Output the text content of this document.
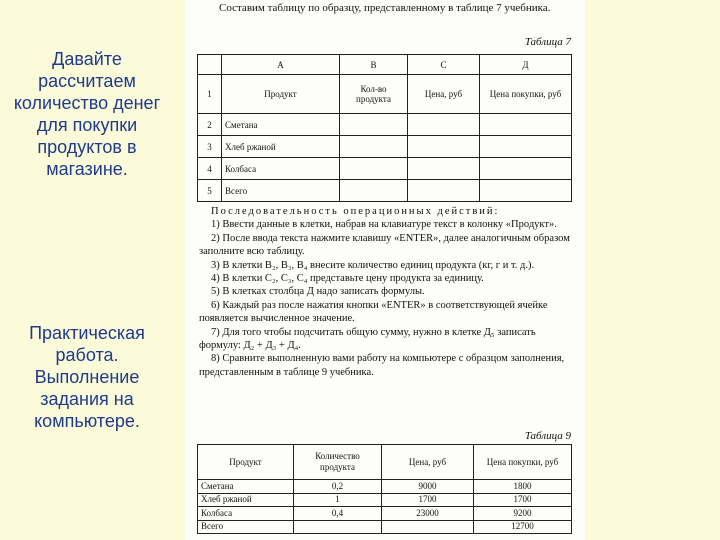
Давайте рассчитаем количество денег для покупки продуктов в магазине.
Практическая работа. Выполнение задания на компьютере.
Составим таблицу по образцу, представленному в таблице 7 учебника.
Таблица 7
	А	В	С	Д
1	Продукт	Кол-во продукта	Цена, руб	Цена покупки, руб
2	Сметана			
3	Хлеб ржаной			
4	Колбаса			
5	Всего			

Последовательность операционных действий:

1) Ввести данные в клетки, набрав на клавиатуре текст в колонку «Продукт».

2) После ввода текста нажмите клавишу «ENTER», далее аналогичным образом заполните всю таблицу.

3) В клетки В₂, В₃, В₄ внесите количество единиц продукта (кг, г и т. д.).

4) В клетки С₂, С₃, С₄ представьте цену продукта за единицу.

5) В клетках столбца Д надо записать формулы.

6) Каждый раз после нажатия кнопки «ENTER» в соответствующей ячейке появляется вычисленное значение.

7) Для того чтобы подсчитать общую сумму, нужно в клетке Д₅ записать формулу: Д₂ + Д₃ + Д₄.

8) Сравните выполненную вами работу на компьютере с образцом заполнения, представленным в таблице 9 учебника.

Таблица 9
Продукт	Количество продукта	Цена, руб	Цена покупки, руб
Сметана	0,2	9000	1800
Хлеб ржаной	1	1700	1700
Колбаса	0,4	23000	9200
Всего			12700
